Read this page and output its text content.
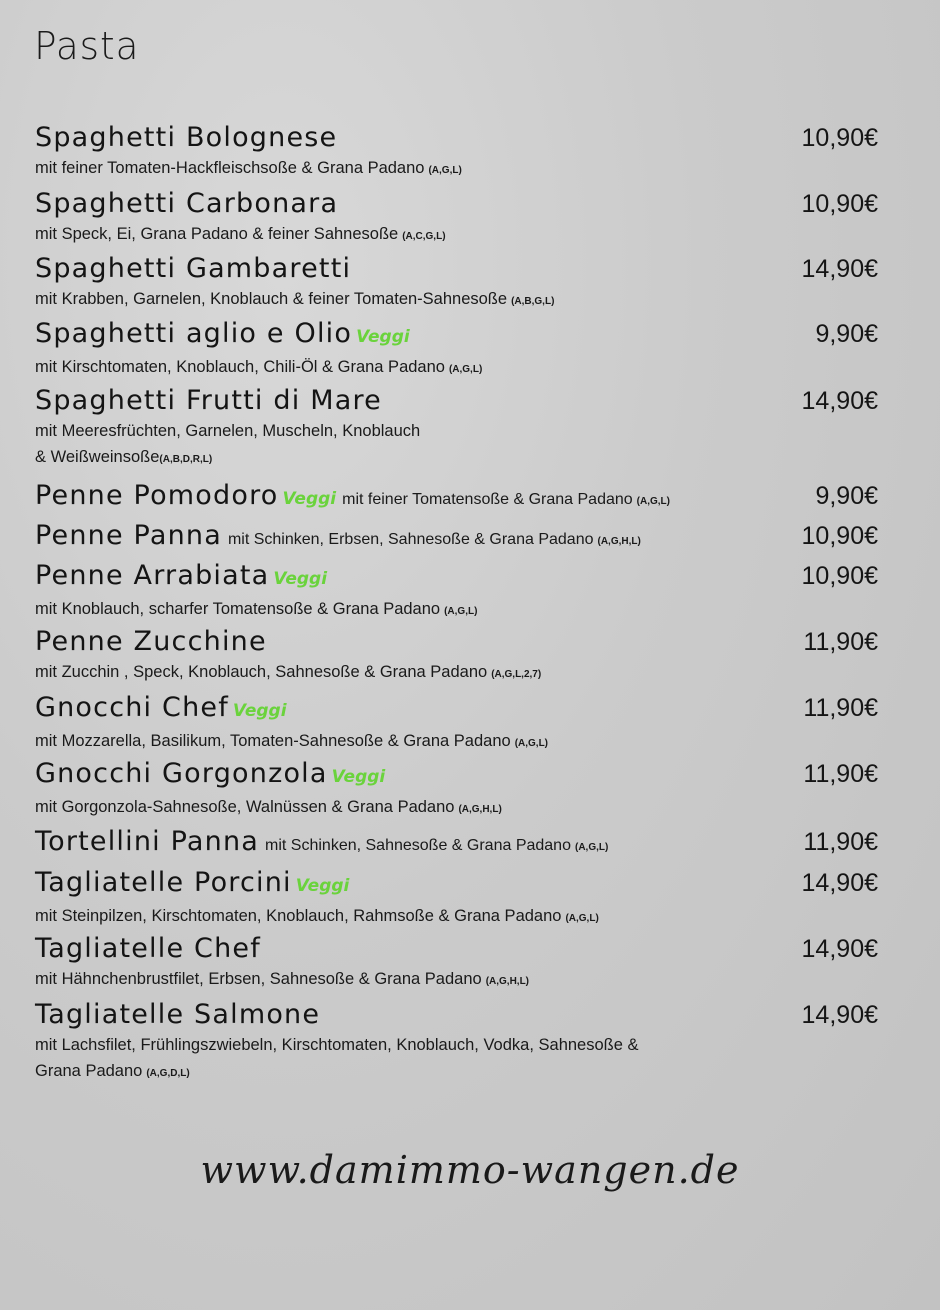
Pasta
Spaghetti Bolognese	10,90€
mit feiner Tomaten-Hackfleischsoße & Grana Padano (A,G,L)
Spaghetti Carbonara	10,90€
mit Speck, Ei, Grana Padano & feiner Sahnesoße (A,C,G,L)
Spaghetti Gambaretti	14,90€
mit Krabben, Garnelen, Knoblauch & feiner Tomaten-Sahnesoße (A,B,G,L)
Spaghetti aglio e Olio Veggi	9,90€
mit Kirschtomaten, Knoblauch, Chili-Öl & Grana Padano (A,G,L)
Spaghetti Frutti di Mare	14,90€
mit Meeresfrüchten, Garnelen, Muscheln, Knoblauch
& Weißweinsoße(A,B,D,R,L)
Penne Pomodoro Veggi mit feiner Tomatensoße & Grana Padano (A,G,L)	9,90€
Penne Panna mit Schinken, Erbsen, Sahnesoße & Grana Padano (A,G,H,L)	10,90€
Penne Arrabiata Veggi	10,90€
mit Knoblauch, scharfer Tomatensoße & Grana Padano (A,G,L)
Penne Zucchine	11,90€
mit Zucchin , Speck, Knoblauch, Sahnesoße & Grana Padano (A,G,L,2,7)
Gnocchi Chef Veggi	11,90€
mit Mozzarella, Basilikum, Tomaten-Sahnesoße & Grana Padano (A,G,L)
Gnocchi Gorgonzola Veggi	11,90€
mit Gorgonzola-Sahnesoße, Walnüssen & Grana Padano (A,G,H,L)
Tortellini Panna mit Schinken, Sahnesoße & Grana Padano (A,G,L)	11,90€
Tagliatelle Porcini Veggi	14,90€
mit Steinpilzen, Kirschtomaten, Knoblauch, Rahmsoße & Grana Padano (A,G,L)
Tagliatelle Chef	14,90€
mit Hähnchenbrustfilet, Erbsen, Sahnesoße & Grana Padano (A,G,H,L)
Tagliatelle Salmone	14,90€
mit Lachsfilet, Frühlingszwiebeln, Kirschtomaten, Knoblauch, Vodka, Sahnesoße &
Grana Padano (A,G,D,L)
www.damimmo-wangen.de
